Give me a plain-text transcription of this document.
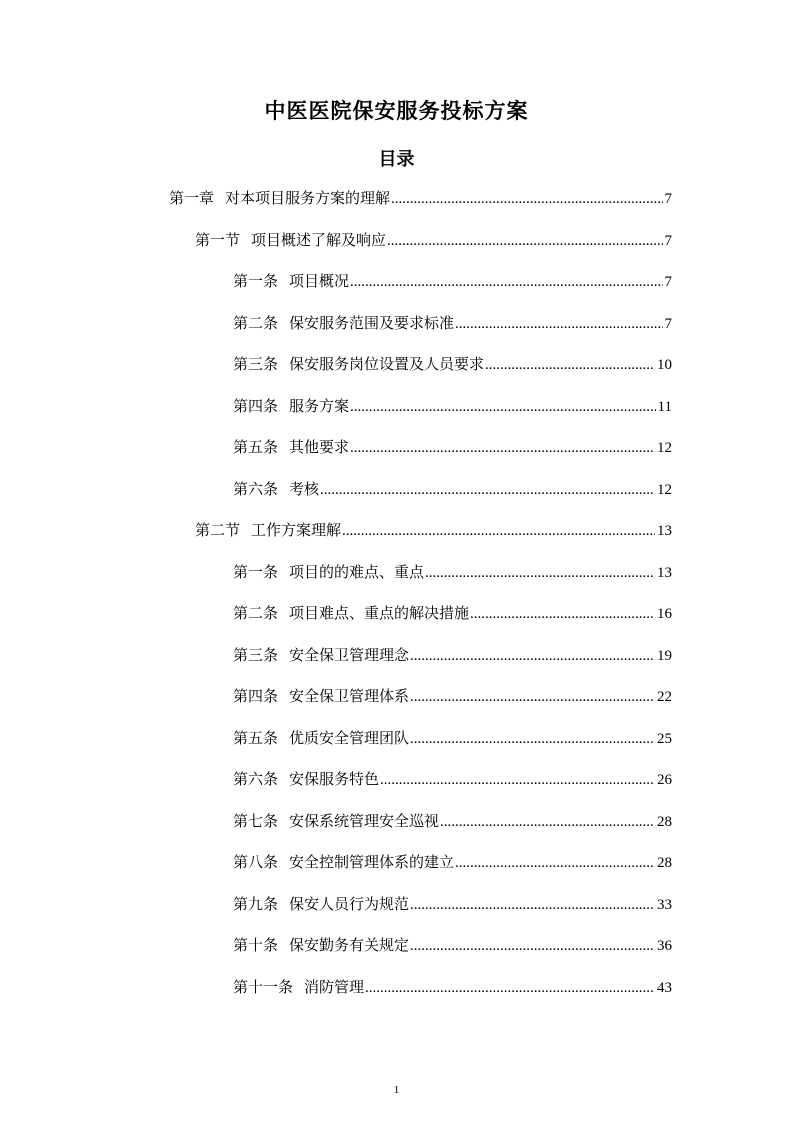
中医医院保安服务投标方案
目录
第一章 对本项目服务方案的理解 .....	7
第一节 项目概述了解及响应 .....	7
第一条 项目概况 .....	7
第二条 保安服务范围及要求标准 .....	7
第三条 保安服务岗位设置及人员要求 .....	10
第四条 服务方案 .....	11
第五条 其他要求 .....	12
第六条 考核 .....	12
第二节 工作方案理解 .....	13
第一条 项目的的难点、重点 .....	13
第二条 项目难点、重点的解决措施 .....	16
第三条 安全保卫管理理念 .....	19
第四条 安全保卫管理体系 .....	22
第五条 优质安全管理团队 .....	25
第六条 安保服务特色 .....	26
第七条 安保系统管理安全巡视 .....	28
第八条 安全控制管理体系的建立 .....	28
第九条 保安人员行为规范 .....	33
第十条 保安勤务有关规定 .....	36
第十一条 消防管理 .....	43
1
